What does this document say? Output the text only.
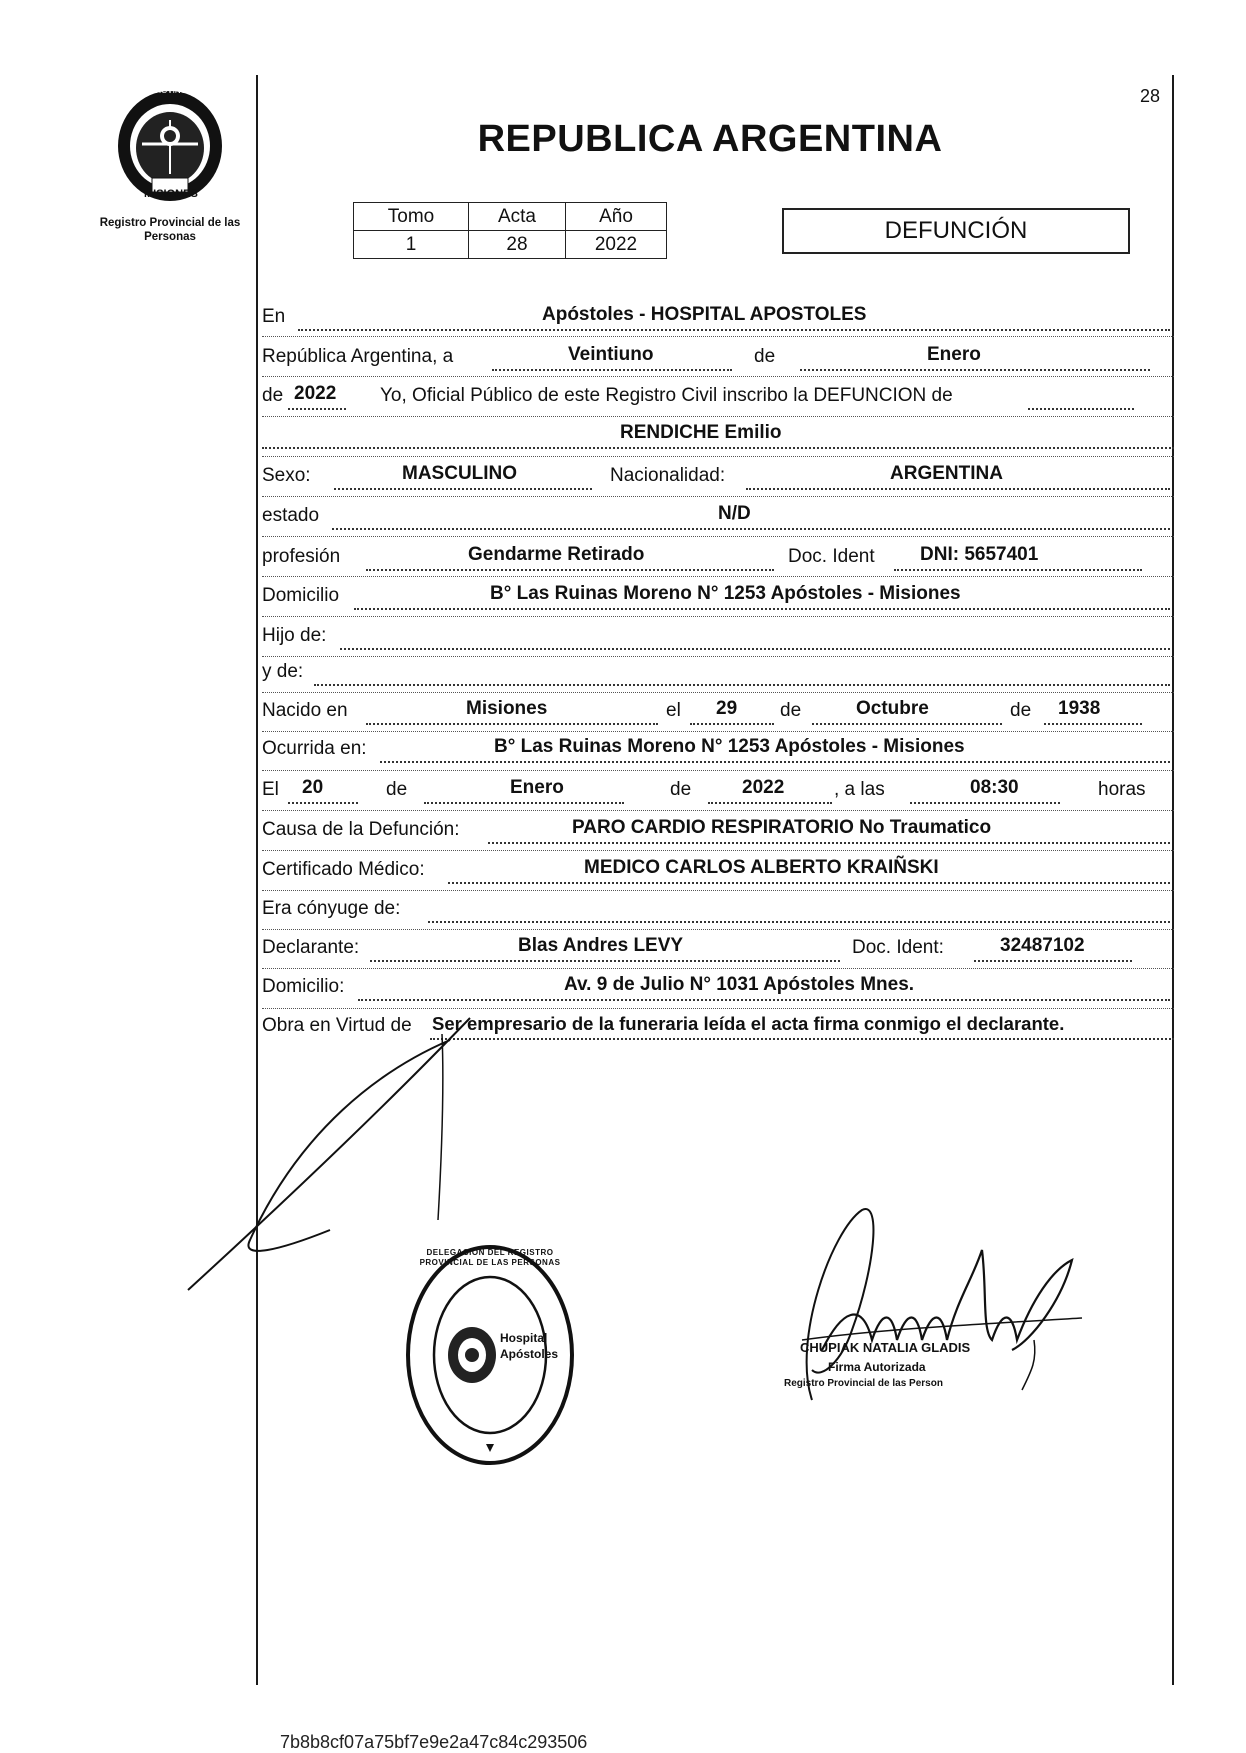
PROVINCIA DE
MISIONES
Registro Provincial de las Personas
28
REPUBLICA ARGENTINA
Tomo	Acta	Año
1	28	2022	DEFUNCIÓN
En	Apóstoles - HOSPITAL APOSTOLES
República Argentina, a	Veintiuno	de	Enero
de 2022 Yo, Oficial Público de este Registro Civil inscribo la DEFUNCION de
RENDICHE Emilio
Sexo:	MASCULINO	Nacionalidad:	ARGENTINA
estado	N/D
profesión	Gendarme Retirado	Doc. Ident DNI: 5657401
Domicilio	B° Las Ruinas Moreno N° 1253 Apóstoles - Misiones
Hijo de:
y de:
Nacido en	Misiones	el 29 de	Octubre	de 1938
Ocurrida en:	B° Las Ruinas Moreno N° 1253 Apóstoles - Misiones
El 20	de	Enero	de	2022	, a las	08:30	horas
Causa de la Defunción:	PARO CARDIO RESPIRATORIO No Traumatico
Certificado Médico:	MEDICO CARLOS ALBERTO KRAIÑSKI
Era cónyuge de:
Declarante:	Blas Andres LEVY	Doc. Ident:	32487102
Domicilio:	Av. 9 de Julio N° 1031 Apóstoles Mnes.
Obra en Virtud de Ser empresario de la funeraria leída el acta firma conmigo el declarante.
DELEGACION DEL REGISTRO PROVINCIAL DE LAS PERSONAS
Hospital Apóstoles	CHUPIAK NATALIA GLADIS
Firma Autorizada
Registro Provincial de las Person
7b8b8cf07a75bf7e9e2a47c84c293506
